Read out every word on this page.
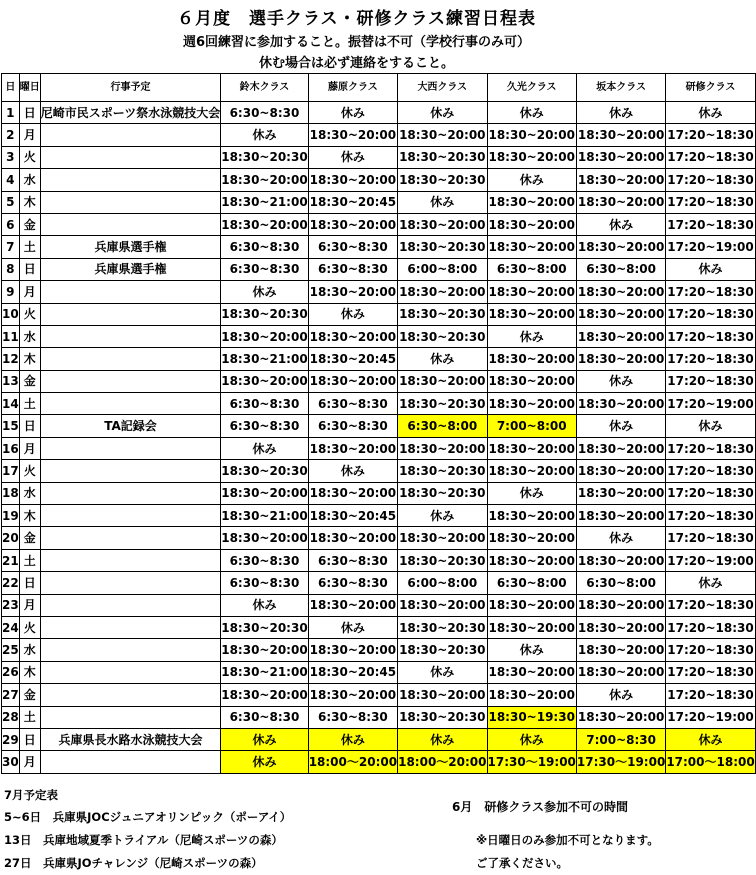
６月度　選手クラス・研修クラス練習日程表
週6回練習に参加すること。振替は不可（学校行事のみ可）
休む場合は必ず連絡をすること。
日	曜日	行事予定	鈴木クラス	藤原クラス	大西クラス	久光クラス	坂本クラス	研修クラス
1	日	尼崎市民スポーツ祭水泳競技大会	6:30~8:30	休み	休み	休み	休み	休み
2	月		休み	18:30~20:00	18:30~20:00	18:30~20:00	18:30~20:00	17:20~18:30
3	火		18:30~20:30	休み	18:30~20:30	18:30~20:00	18:30~20:00	17:20~18:30
4	水		18:30~20:00	18:30~20:00	18:30~20:30	休み	18:30~20:00	17:20~18:30
5	木		18:30~21:00	18:30~20:45	休み	18:30~20:00	18:30~20:00	17:20~18:30
6	金		18:30~20:00	18:30~20:00	18:30~20:00	18:30~20:00	休み	17:20~18:30
7	土	兵庫県選手権	6:30~8:30	6:30~8:30	18:30~20:30	18:30~20:00	18:30~20:00	17:20~19:00
8	日	兵庫県選手権	6:30~8:30	6:30~8:30	6:00~8:00	6:30~8:00	6:30~8:00	休み
9	月		休み	18:30~20:00	18:30~20:00	18:30~20:00	18:30~20:00	17:20~18:30
10	火		18:30~20:30	休み	18:30~20:30	18:30~20:00	18:30~20:00	17:20~18:30
11	水		18:30~20:00	18:30~20:00	18:30~20:30	休み	18:30~20:00	17:20~18:30
12	木		18:30~21:00	18:30~20:45	休み	18:30~20:00	18:30~20:00	17:20~18:30
13	金		18:30~20:00	18:30~20:00	18:30~20:00	18:30~20:00	休み	17:20~18:30
14	土		6:30~8:30	6:30~8:30	18:30~20:30	18:30~20:00	18:30~20:00	17:20~19:00
15	日	TA記録会	6:30~8:30	6:30~8:30	6:30~8:00	7:00~8:00	休み	休み
16	月		休み	18:30~20:00	18:30~20:00	18:30~20:00	18:30~20:00	17:20~18:30
17	火		18:30~20:30	休み	18:30~20:30	18:30~20:00	18:30~20:00	17:20~18:30
18	水		18:30~20:00	18:30~20:00	18:30~20:30	休み	18:30~20:00	17:20~18:30
19	木		18:30~21:00	18:30~20:45	休み	18:30~20:00	18:30~20:00	17:20~18:30
20	金		18:30~20:00	18:30~20:00	18:30~20:00	18:30~20:00	休み	17:20~18:30
21	土		6:30~8:30	6:30~8:30	18:30~20:30	18:30~20:00	18:30~20:00	17:20~19:00
22	日		6:30~8:30	6:30~8:30	6:00~8:00	6:30~8:00	6:30~8:00	休み
23	月		休み	18:30~20:00	18:30~20:00	18:30~20:00	18:30~20:00	17:20~18:30
24	火		18:30~20:30	休み	18:30~20:30	18:30~20:00	18:30~20:00	17:20~18:30
25	水		18:30~20:00	18:30~20:00	18:30~20:30	休み	18:30~20:00	17:20~18:30
26	木		18:30~21:00	18:30~20:45	休み	18:30~20:00	18:30~20:00	17:20~18:30
27	金		18:30~20:00	18:30~20:00	18:30~20:00	18:30~20:00	休み	17:20~18:30
28	土		6:30~8:30	6:30~8:30	18:30~20:30	18:30~19:30	18:30~20:00	17:20~19:00
29	日	兵庫県長水路水泳競技大会	休み	休み	休み	休み	7:00~8:30	休み
30	月		休み	18:00～20:00	18:00～20:00	17:30～19:00	17:30～19:00	17:00～18:00
7月予定表
5~6日　兵庫県JOCジュニアオリンピック（ポーアイ）
13日　兵庫地域夏季トライアル（尼崎スポーツの森）
27日　兵庫県JOチャレンジ（尼崎スポーツの森）
6月　研修クラス参加不可の時間
※日曜日のみ参加不可となります。
ご了承ください。
